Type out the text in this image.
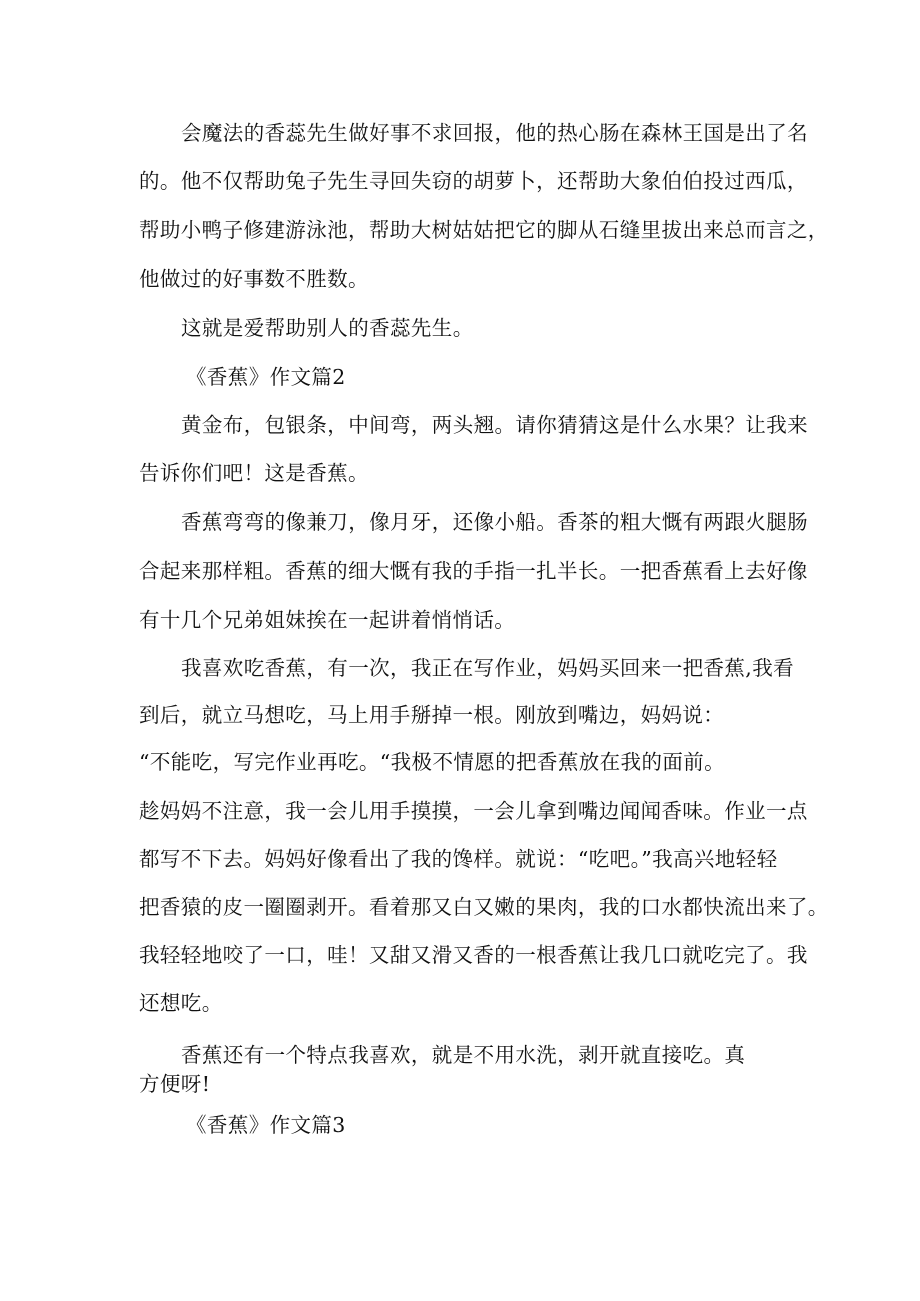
会魔法的香蕊先生做好事不求回报，他的热心肠在森林王国是出了名
的。他不仅帮助兔子先生寻回失窃的胡萝卜，还帮助大象伯伯投过西瓜，
帮助小鸭子修建游泳池，帮助大树姑姑把它的脚从石缝里拔出来总而言之，
他做过的好事数不胜数。
这就是爱帮助别人的香蕊先生。
《香蕉》作文篇2
黄金布，包银条，中间弯，两头翘。请你猜猜这是什么水果？让我来
告诉你们吧！这是香蕉。
香蕉弯弯的像兼刀，像月牙，还像小船。香茶的粗大慨有两跟火腿肠
合起来那样粗。香蕉的细大慨有我的手指一扎半长。一把香蕉看上去好像
有十几个兄弟姐妹挨在一起讲着悄悄话。
我喜欢吃香蕉，有一次，我正在写作业，妈妈买回来一把香蕉,我看
到后，就立马想吃，马上用手掰掉一根。刚放到嘴边，妈妈说：
“不能吃，写完作业再吃。“我极不情愿的把香蕉放在我的面前。
趁妈妈不注意，我一会儿用手摸摸，一会儿拿到嘴边闻闻香味。作业一点
都写不下去。妈妈好像看出了我的馋样。就说：“吃吧。”我高兴地轻轻
把香猿的皮一圈圈剥开。看着那又白又嫩的果肉，我的口水都快流出来了。
我轻轻地咬了一口，哇！又甜又滑又香的一根香蕉让我几口就吃完了。我
还想吃。
香蕉还有一个特点我喜欢，就是不用水洗，剥开就直接吃。真
方便呀!
《香蕉》作文篇3
